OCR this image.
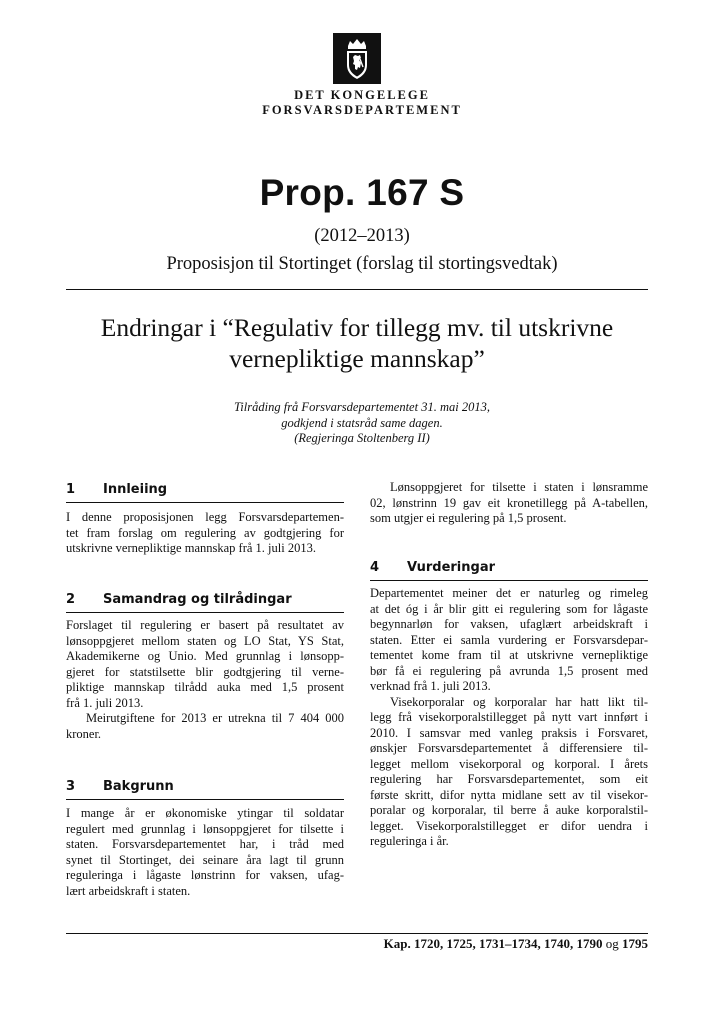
DET KONGELEGE
FORSVARSDEPARTEMENT
Prop. 167 S
(2012–2013)
Proposisjon til Stortinget (forslag til stortingsvedtak)
Endringar i “Regulativ for tillegg mv. til utskrivne
vernepliktige mannskap”
Tilråding frå Forsvarsdepartementet 31. mai 2013,
godkjend i statsråd same dagen.
(Regjeringa Stoltenberg II)
1 Innleiing
I denne proposisjonen legg Forsvarsdepartemen-
tet fram forslag om regulering av godtgjering for
utskrivne vernepliktige mannskap frå 1. juli 2013.
2 Samandrag og tilrådingar
Forslaget til regulering er basert på resultatet av
lønsoppgjeret mellom staten og LO Stat, YS Stat,
Akademikerne og Unio. Med grunnlag i lønsopp-
gjeret for statstilsette blir godtgjering til verne-
pliktige mannskap tilrådd auka med 1,5 prosent
frå 1. juli 2013.
Meirutgiftene for 2013 er utrekna til 7 404 000
kroner.
3 Bakgrunn
I mange år er økonomiske ytingar til soldatar
regulert med grunnlag i lønsoppgjeret for tilsette i
staten. Forsvarsdepartementet har, i tråd med
synet til Stortinget, dei seinare åra lagt til grunn
reguleringa i lågaste lønstrinn for vaksen, ufag-
lært arbeidskraft i staten.
Lønsoppgjeret for tilsette i staten i lønsramme
02, lønstrinn 19 gav eit kronetillegg på A-tabellen,
som utgjer ei regulering på 1,5 prosent.
4 Vurderingar
Departementet meiner det er naturleg og rimeleg
at det óg i år blir gitt ei regulering som for lågaste
begynnarløn for vaksen, ufaglært arbeidskraft i
staten. Etter ei samla vurdering er Forsvarsdepar-
tementet kome fram til at utskrivne vernepliktige
bør få ei regulering på avrunda 1,5 prosent med
verknad frå 1. juli 2013.
Visekorporalar og korporalar har hatt likt til-
legg frå visekorporalstillegget på nytt vart innført i
2010. I samsvar med vanleg praksis i Forsvaret,
ønskjer Forsvarsdepartementet å differensiere til-
legget mellom visekorporal og korporal. I årets
regulering har Forsvarsdepartementet, som eit
første skritt, difor nytta midlane sett av til visekor-
poralar og korporalar, til berre å auke korporalstil-
legget. Visekorporalstillegget er difor uendra i
reguleringa i år.
Kap. 1720, 1725, 1731–1734, 1740, 1790 og 1795
